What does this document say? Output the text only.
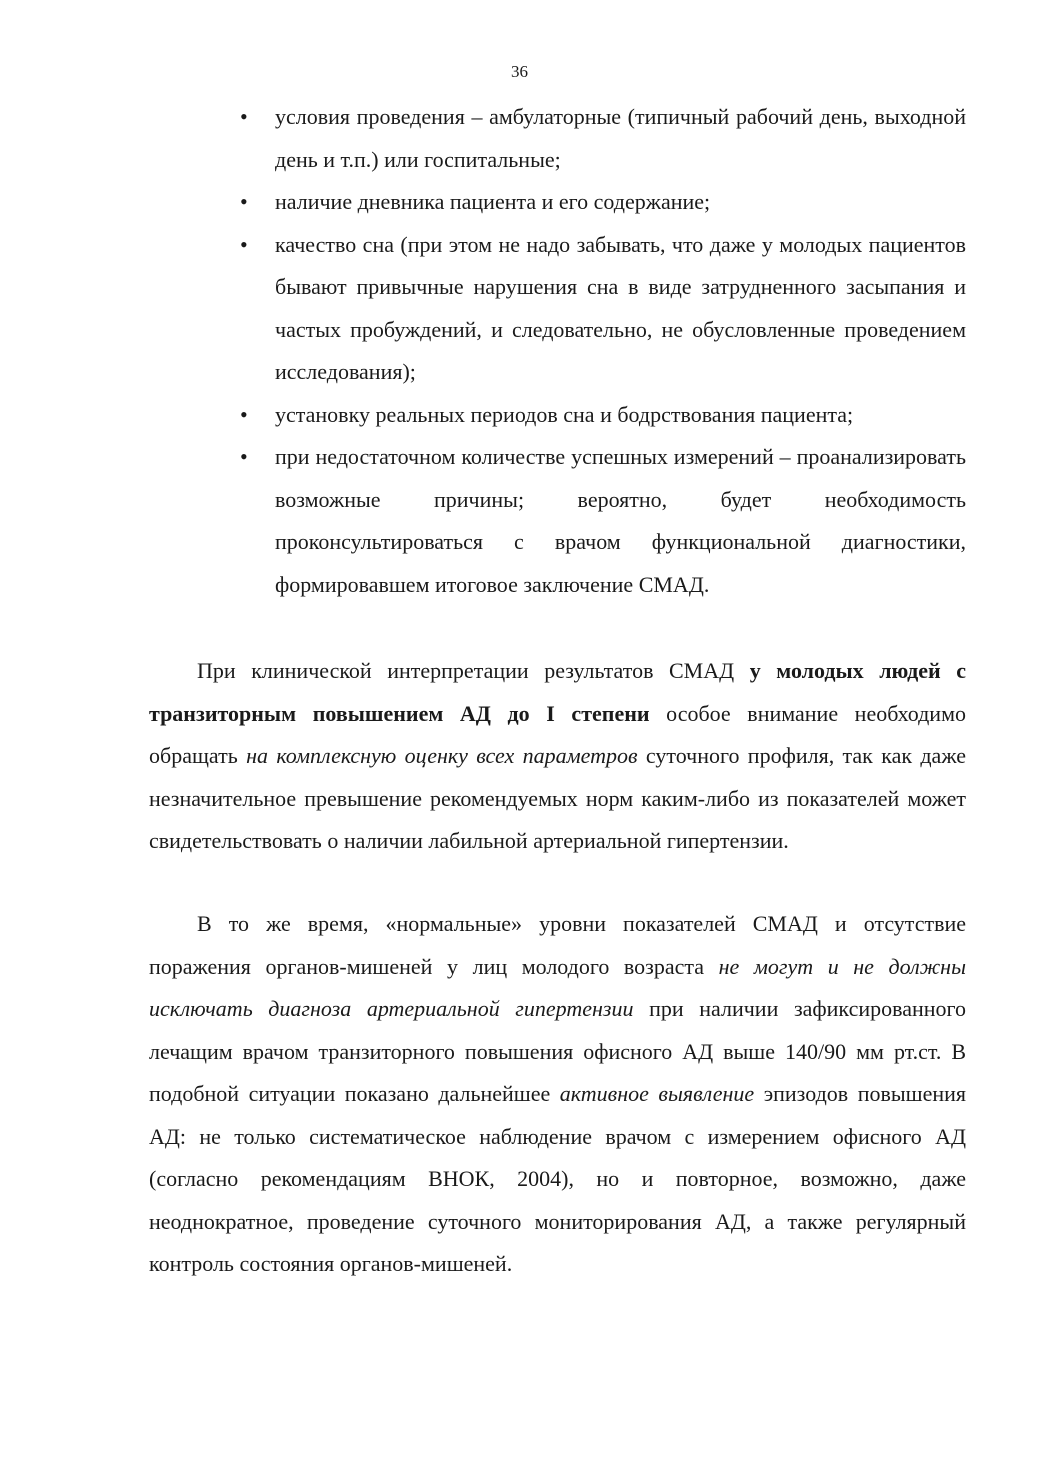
36
• условия проведения – амбулаторные (типичный рабочий день, выходной день и т.п.) или госпитальные;
• наличие дневника пациента и его содержание;
• качество сна (при этом не надо забывать, что даже у молодых пациентов бывают привычные нарушения сна в виде затрудненного засыпания и частых пробуждений, и следовательно, не обусловленные проведением исследования);
• установку реальных периодов сна и бодрствования пациента;
• при недостаточном количестве успешных измерений – проанализировать возможные причины; вероятно, будет необходимость проконсультироваться с врачом функциональной диагностики, формировавшем итоговое заключение СМАД.

При клинической интерпретации результатов СМАД у молодых людей с транзиторным повышением АД до I степени особое внимание необходимо обращать на комплексную оценку всех параметров суточного профиля, так как даже незначительное превышение рекомендуемых норм каким-либо из показателей может свидетельствовать о наличии лабильной артериальной гипертензии.

В то же время, «нормальные» уровни показателей СМАД и отсутствие поражения органов-мишеней у лиц молодого возраста не могут и не должны исключать диагноза артериальной гипертензии при наличии зафиксированного лечащим врачом транзиторного повышения офисного АД выше 140/90 мм рт.ст. В подобной ситуации показано дальнейшее активное выявление эпизодов повышения АД: не только систематическое наблюдение врачом с измерением офисного АД (согласно рекомендациям ВНОК, 2004), но и повторное, возможно, даже неоднократное, проведение суточного мониторирования АД, а также регулярный контроль состояния органов-мишеней.
